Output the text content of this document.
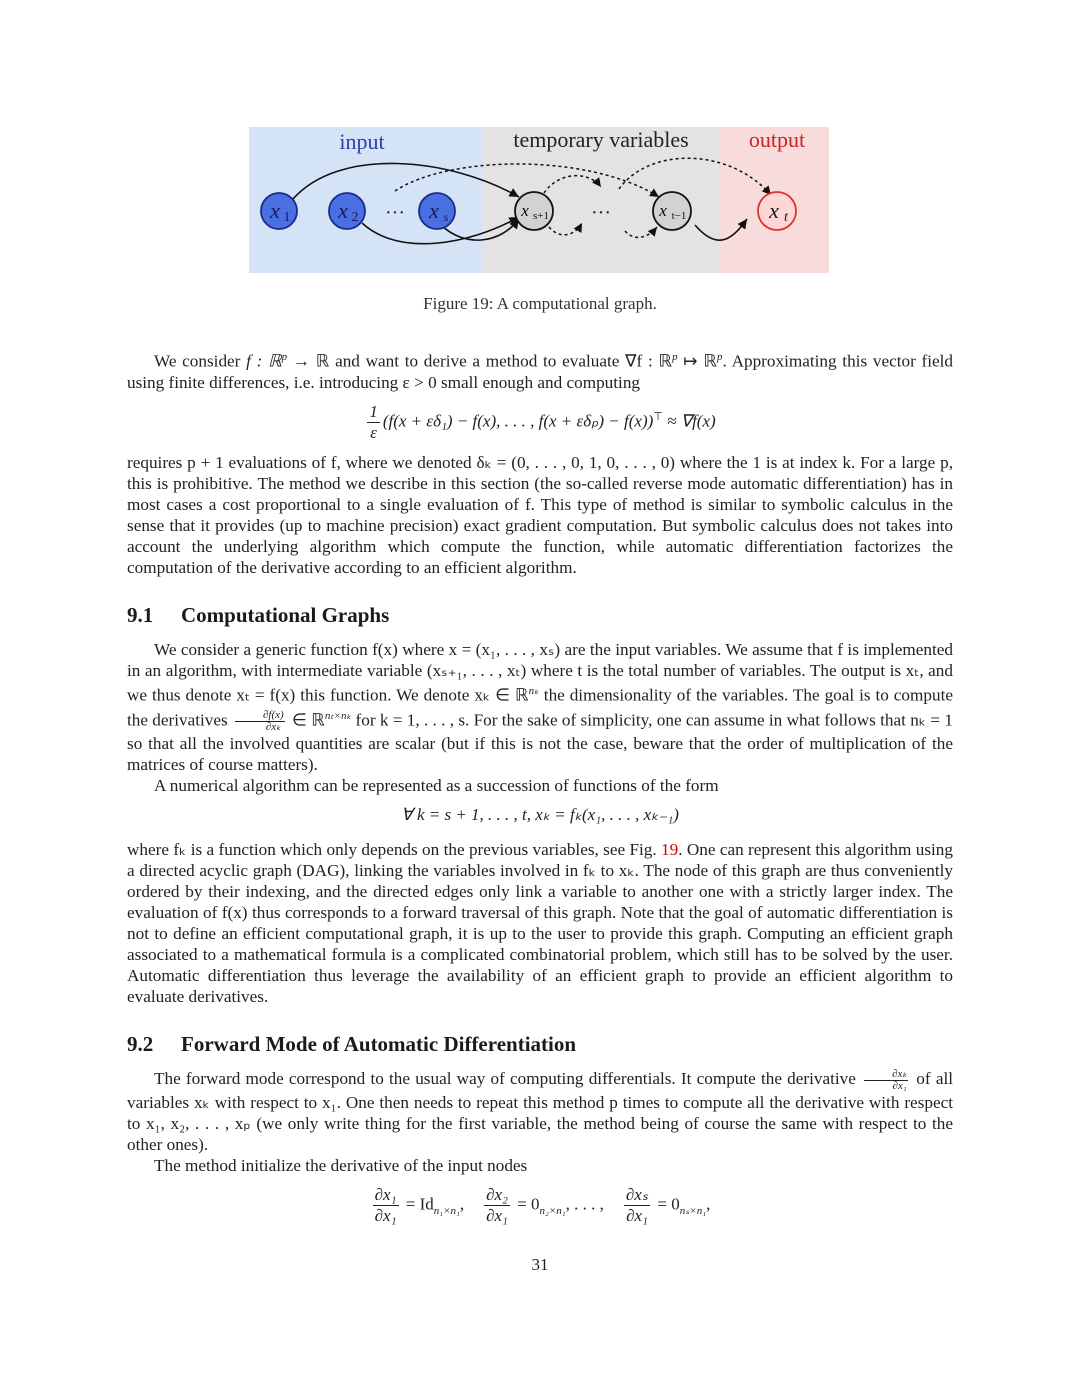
input	temporary variables	output
x 1 x 2 ··· x s	x s+1 ···	x t−1	x t
Figure 19: A computational graph.

We consider f : ℝ$^p$ → ℝ and want to derive a method to evaluate ∇f : ℝ$^p$ ↦ ℝ$^p$. Approximating this vector field using finite differences, i.e. introducing ε > 0 small enough and computing

$\frac{1}{\varepsilon} (f(x + \varepsilon\delta_1) - f(x)$, . . . , f(x + εδₚ) − f(x))⊤ ≈ ∇f(x)

requires p + 1 evaluations of f, where we denoted δₖ = (0, . . . , 0, 1, 0, . . . , 0) where the 1 is at index k. For a large p, this is prohibitive. The method we describe in this section (the so-called reverse mode automatic differentiation) has in most cases a cost proportional to a single evaluation of f. This type of method is similar to symbolic calculus in the sense that it provides (up to machine precision) exact gradient computation. But symbolic calculus does not takes into account the underlying algorithm which compute the function, while automatic differentiation factorizes the computation of the derivative according to an efficient algorithm.

9.1 Computational Graphs

We consider a generic function f(x) where x = (x₁, . . . , xₛ) are the input variables. We assume that f is implemented in an algorithm, with intermediate variable (xₛ₊₁, . . . , xₜ) where t is the total number of variables. The output is xₜ, and we thus denote xₜ = f(x) this function. We denote xₖ ∈ ℝ$^{n_k}$ the dimensionality of the variables. The goal is to compute the derivatives $\frac{\partial f(x)}{\text{∂xₖ}}$ ∈ ℝ$^{n_t\times n_k}$ for k = 1, . . . , s. For the sake of simplicity, one can assume in what follows that nₖ = 1 so that all the involved quantities are scalar (but if this is not the case, beware that the order of multiplication of the matrices of course matters).

A numerical algorithm can be represented as a succession of functions of the form

∀ k = s + 1, . . . , t, xₖ = fₖ(x₁, . . . , xₖ₋₁)

where fₖ is a function which only depends on the previous variables, see Fig. 19. One can represent this algorithm using a directed acyclic graph (DAG), linking the variables involved in fₖ to xₖ. The node of this graph are thus conveniently ordered by their indexing, and the directed edges only link a variable to another one with a strictly larger index. The evaluation of f(x) thus corresponds to a forward traversal of this graph. Note that the goal of automatic differentiation is not to define an efficient computational graph, it is up to the user to provide this graph. Computing an efficient graph associated to a mathematical formula is a complicated combinatorial problem, which still has to be solved by the user. Automatic differentiation thus leverage the availability of an efficient graph to provide an efficient algorithm to evaluate derivatives.

9.2 Forward Mode of Automatic Differentiation

The forward mode correspond to the usual way of computing differentials. It compute the derivative $\frac{\text{∂xₖ}}{\text{∂x₁}}$ of all variables xₖ with respect to x₁. One then needs to repeat this method p times to compute all the derivative with respect to x₁, x₂, . . . , xₚ (we only write thing for the first variable, the method being of course the same with respect to the other ones).

The method initialize the derivative of the input nodes

$\frac{\text{∂x₁}}{\text{∂x₁}} = Id_{n_1\times n_1}$, $\frac{\text{∂x₂}}{\text{∂x₁}} = 0_{n_2\times n_1}$, . . . , $\frac{\text{∂xₛ}}{\text{∂x₁}} = 0_{n_s\times n_1}$,
31
